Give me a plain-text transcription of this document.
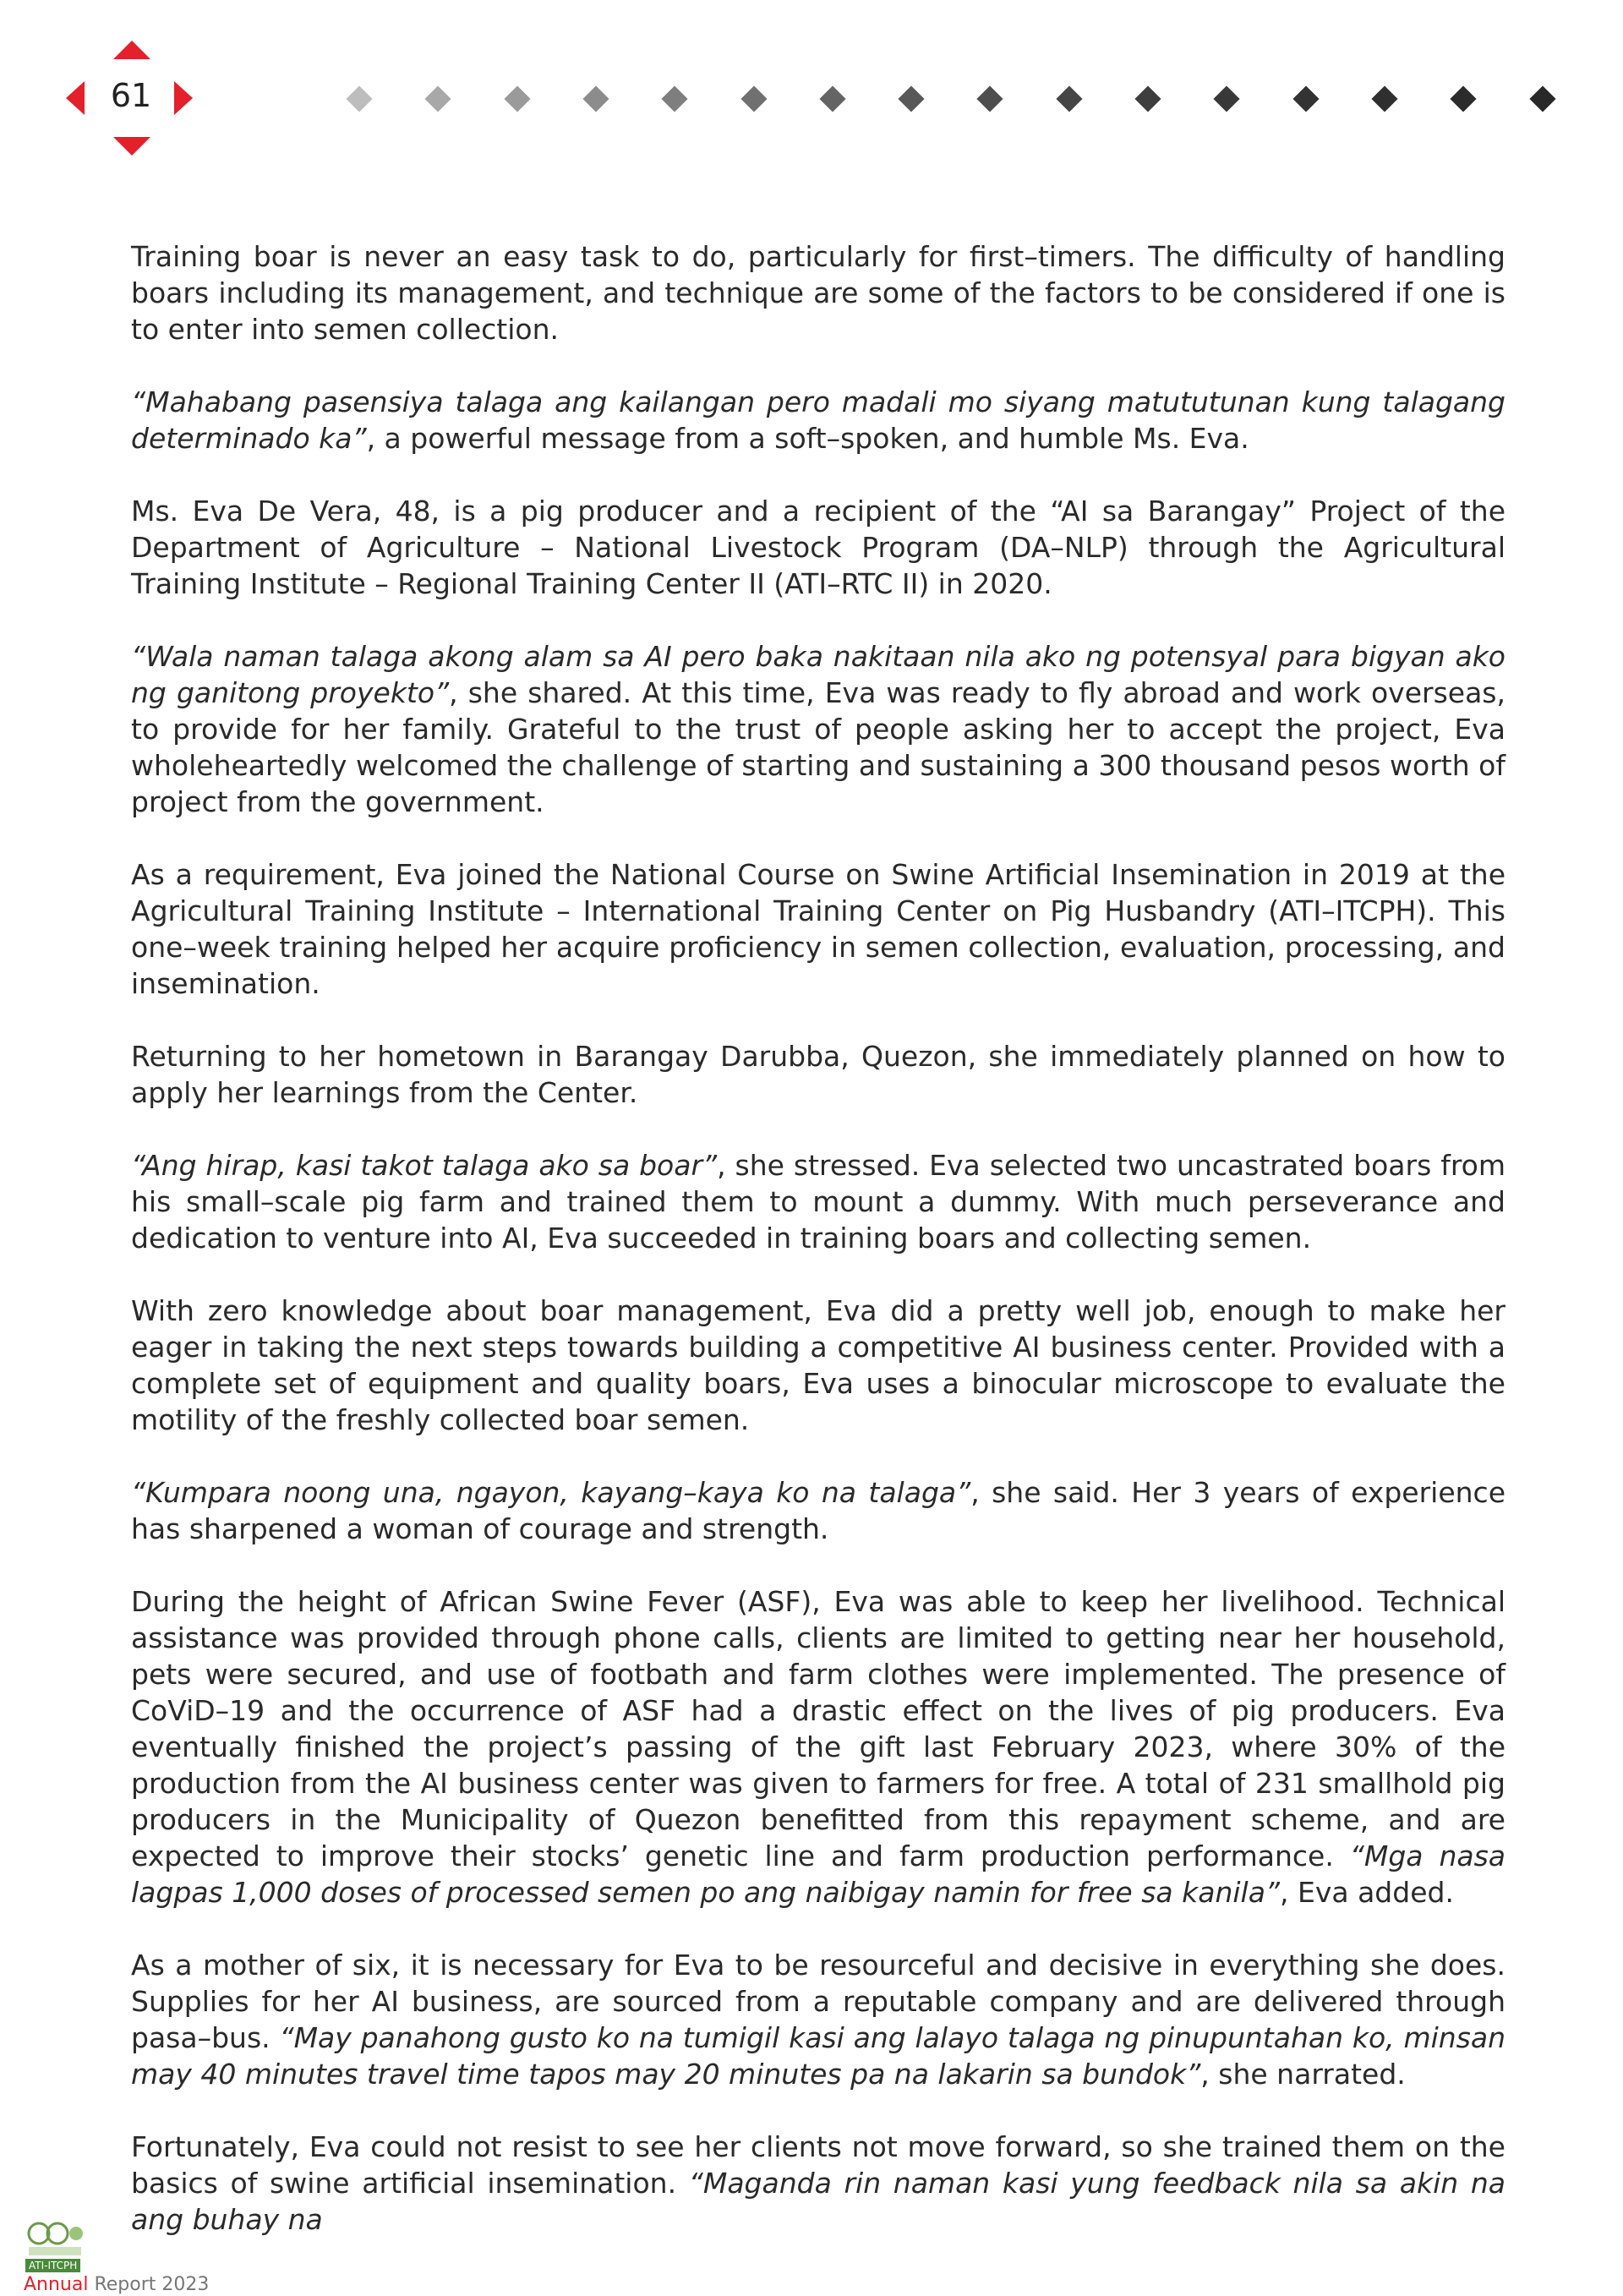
61

Training boar is never an easy task to do, particularly for first–timers. The difficulty of handling boars including its management, and technique are some of the factors to be considered if one is to enter into semen collection.

“Mahabang pasensiya talaga ang kailangan pero madali mo siyang matututunan kung talagang determinado ka”, a powerful message from a soft–spoken, and humble Ms. Eva.

Ms. Eva De Vera, 48, is a pig producer and a recipient of the “AI sa Barangay” Project of the Department of Agriculture – National Livestock Program (DA–NLP) through the Agricultural Training Institute – Regional Training Center II (ATI–RTC II) in 2020.

“Wala naman talaga akong alam sa AI pero baka nakitaan nila ako ng potensyal para bigyan ako ng ganitong proyekto”, she shared. At this time, Eva was ready to fly abroad and work overseas, to provide for her family. Grateful to the trust of people asking her to accept the project, Eva wholeheartedly welcomed the challenge of starting and sustaining a 300 thousand pesos worth of project from the government.

As a requirement, Eva joined the National Course on Swine Artificial Insemination in 2019 at the Agricultural Training Institute – International Training Center on Pig Husbandry (ATI–ITCPH). This one–week training helped her acquire proficiency in semen collection, evaluation, processing, and insemination.

Returning to her hometown in Barangay Darubba, Quezon, she immediately planned on how to apply her learnings from the Center.

“Ang hirap, kasi takot talaga ako sa boar”, she stressed. Eva selected two uncastrated boars from his small–scale pig farm and trained them to mount a dummy. With much perseverance and dedication to venture into AI, Eva succeeded in training boars and collecting semen.

With zero knowledge about boar management, Eva did a pretty well job, enough to make her eager in taking the next steps towards building a competitive AI business center. Provided with a complete set of equipment and quality boars, Eva uses a binocular microscope to evaluate the motility of the freshly collected boar semen.

“Kumpara noong una, ngayon, kayang–kaya ko na talaga”, she said. Her 3 years of experience has sharpened a woman of courage and strength.

During the height of African Swine Fever (ASF), Eva was able to keep her livelihood. Technical assistance was provided through phone calls, clients are limited to getting near her household, pets were secured, and use of footbath and farm clothes were implemented. The presence of CoViD–19 and the occurrence of ASF had a drastic effect on the lives of pig producers. Eva eventually finished the project’s passing of the gift last February 2023, where 30% of the production from the AI business center was given to farmers for free. A total of 231 smallhold pig producers in the Municipality of Quezon benefitted from this repayment scheme, and are expected to improve their stocks’ genetic line and farm production performance. “Mga nasa lagpas 1,000 doses of processed semen po ang naibigay namin for free sa kanila”, Eva added.

As a mother of six, it is necessary for Eva to be resourceful and decisive in everything she does. Supplies for her AI business, are sourced from a reputable company and are delivered through pasa–bus. “May panahong gusto ko na tumigil kasi ang lalayo talaga ng pinupuntahan ko, minsan may 40 minutes travel time tapos may 20 minutes pa na lakarin sa bundok”, she narrated.

Fortunately, Eva could not resist to see her clients not move forward, so she trained them on the basics of swine artificial insemination. “Maganda rin naman kasi yung feedback nila sa akin na ang buhay na

ATI-ITCPH
Annual Report 2023
